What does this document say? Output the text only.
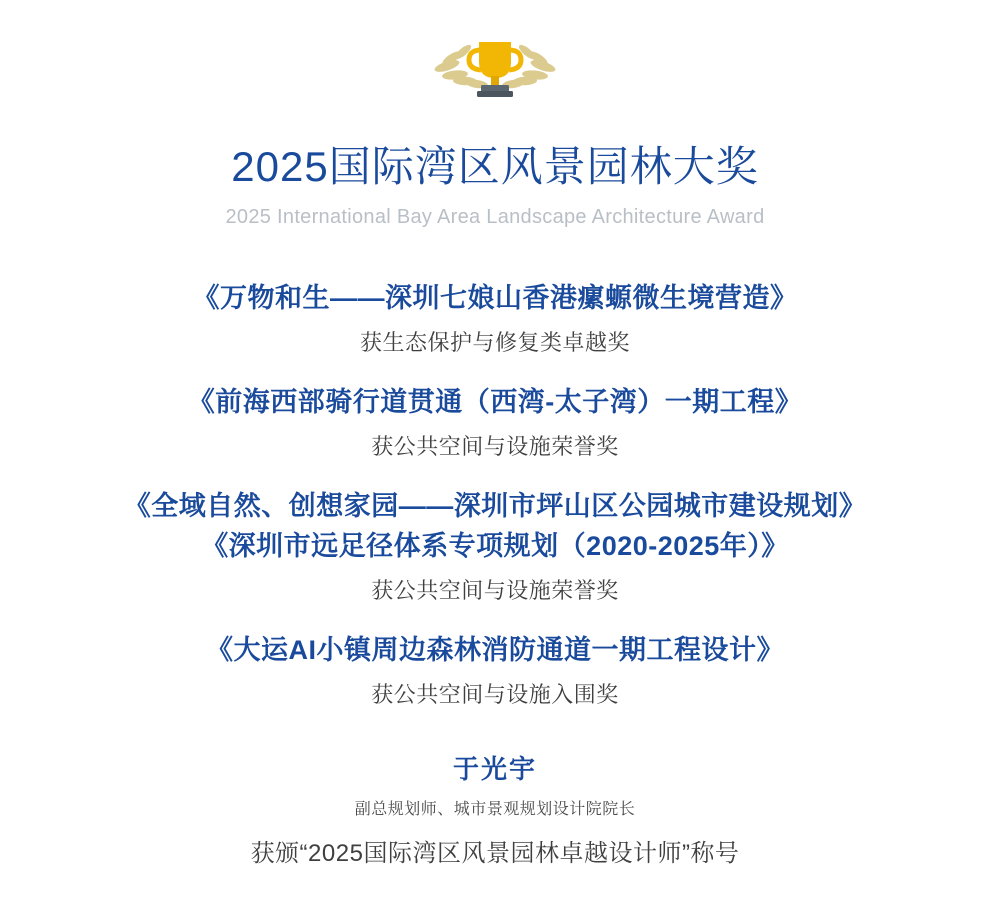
2025国际湾区风景园林大奖
2025 International Bay Area Landscape Architecture Award
《万物和生——深圳七娘山香港瘰螈微生境营造》
获生态保护与修复类卓越奖
《前海西部骑行道贯通（西湾-太子湾）一期工程》
获公共空间与设施荣誉奖
《全域自然、创想家园——深圳市坪山区公园城市建设规划》
《深圳市远足径体系专项规划（2020-2025年）》
获公共空间与设施荣誉奖
《大运AI小镇周边森林消防通道一期工程设计》
获公共空间与设施入围奖
于光宇
副总规划师、城市景观规划设计院院长
获颁“2025国际湾区风景园林卓越设计师”称号
